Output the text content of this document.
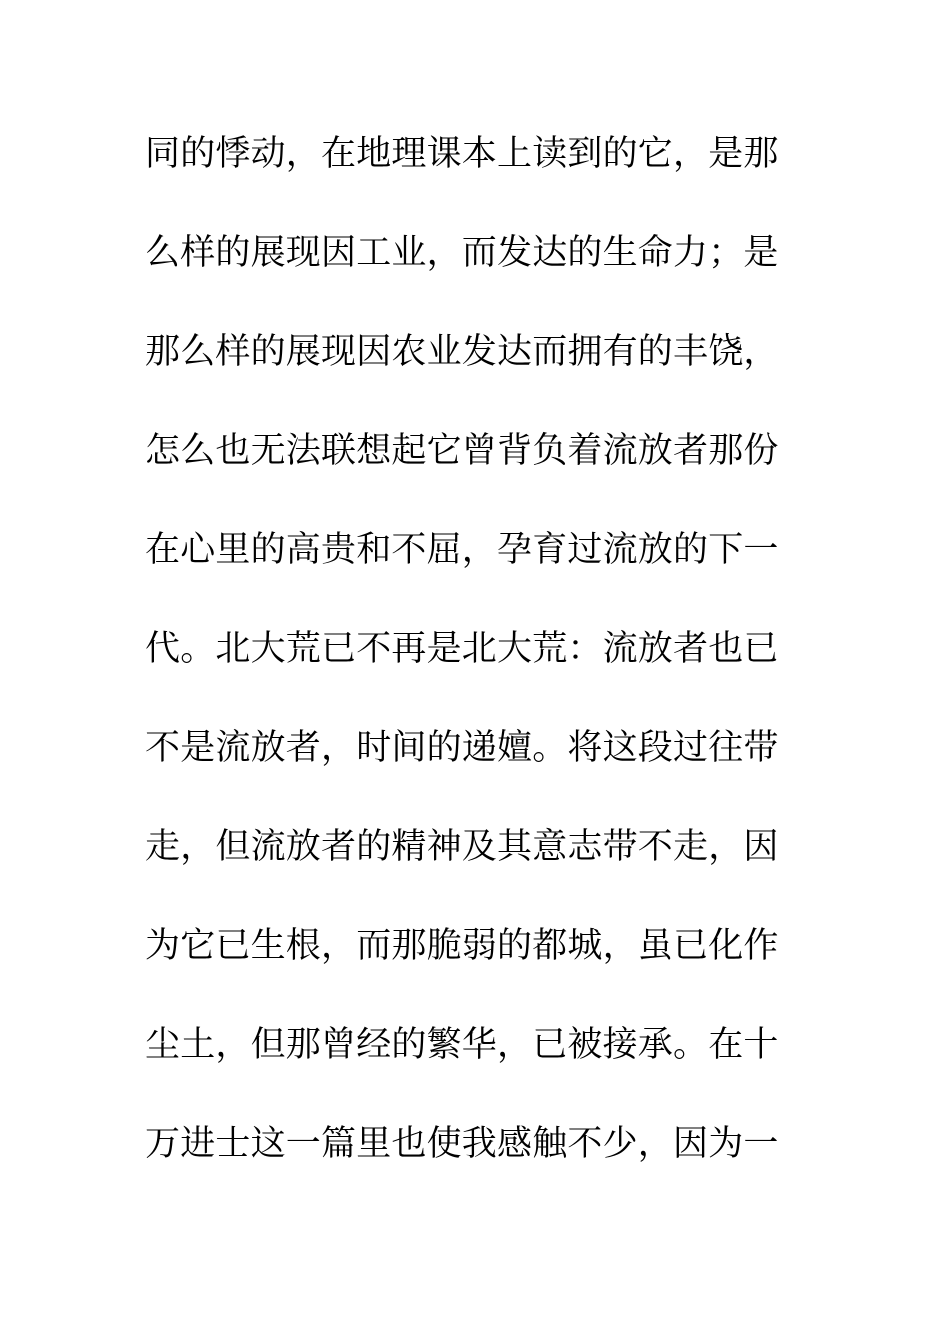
同的悸动，在地理课本上读到的它，是那
么样的展现因工业，而发达的生命力；是
那么样的展现因农业发达而拥有的丰饶，
怎么也无法联想起它曾背负着流放者那份
在心里的高贵和不屈，孕育过流放的下一
代。北大荒已不再是北大荒：流放者也已
不是流放者，时间的递嬗。将这段过往带
走，但流放者的精神及其意志带不走，因
为它已生根，而那脆弱的都城，虽已化作
尘土，但那曾经的繁华，已被接承。在十
万进士这一篇里也使我感触不少，因为一
